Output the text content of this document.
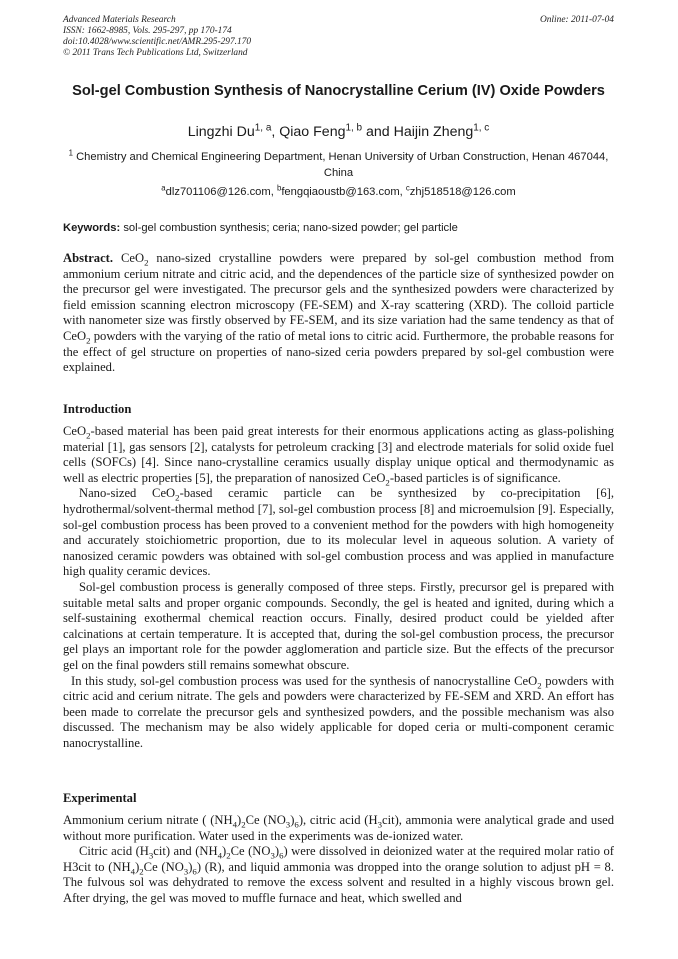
Advanced Materials Research
ISSN: 1662-8985, Vols. 295-297, pp 170-174
doi:10.4028/www.scientific.net/AMR.295-297.170
© 2011 Trans Tech Publications Ltd, Switzerland
Online: 2011-07-04
Sol-gel Combustion Synthesis of Nanocrystalline Cerium (IV) Oxide Powders
Lingzhi Du$^{1, a}$, Qiao Feng$^{1, b}$ and Haijin Zheng$^{1, c}$
$^1$ Chemistry and Chemical Engineering Department, Henan University of Urban Construction, Henan 467044, China
$^a$dlz701106@126.com, $^b$fengqiaoustb@163.com, $^c$zhj518518@126.com
Keywords: sol-gel combustion synthesis; ceria; nano-sized powder; gel particle

Abstract. CeO$_2$ nano-sized crystalline powders were prepared by sol-gel combustion method from ammonium cerium nitrate and citric acid, and the dependences of the particle size of synthesized powder on the precursor gel were investigated. The precursor gels and the synthesized powders were characterized by field emission scanning electron microscopy (FE-SEM) and X-ray scattering (XRD). The colloid particle with nanometer size was firstly observed by FE-SEM, and its size variation had the same tendency as that of CeO$_2$ powders with the varying of the ratio of metal ions to citric acid. Furthermore, the probable reasons for the effect of gel structure on properties of nano-sized ceria powders prepared by sol-gel combustion were explained.

Introduction

CeO$_2$-based material has been paid great interests for their enormous applications acting as glass-polishing material [1], gas sensors [2], catalysts for petroleum cracking [3] and electrode materials for solid oxide fuel cells (SOFCs) [4]. Since nano-crystalline ceramics usually display unique optical and thermodynamic as well as electric properties [5], the preparation of nanosized CeO$_2$-based particles is of significance.

Nano-sized CeO$_2$-based ceramic particle can be synthesized by co-precipitation [6], hydrothermal/solvent-thermal method [7], sol-gel combustion process [8] and microemulsion [9]. Especially, sol-gel combustion process has been proved to a convenient method for the powders with high homogeneity and accurately stoichiometric proportion, due to its molecular level in aqueous solution. A variety of nanosized ceramic powders was obtained with sol-gel combustion process and was applied in manufacture high quality ceramic devices.

Sol-gel combustion process is generally composed of three steps. Firstly, precursor gel is prepared with suitable metal salts and proper organic compounds. Secondly, the gel is heated and ignited, during which a self-sustaining exothermal chemical reaction occurs. Finally, desired product could be yielded after calcinations at certain temperature. It is accepted that, during the sol-gel combustion process, the precursor gel plays an important role for the powder agglomeration and particle size. But the effects of the precursor gel on the final powders still remains somewhat obscure.

In this study, sol-gel combustion process was used for the synthesis of nanocrystalline CeO$_2$ powders with citric acid and cerium nitrate. The gels and powders were characterized by FE-SEM and XRD. An effort has been made to correlate the precursor gels and synthesized powders, and the possible mechanism was also discussed. The mechanism may be also widely applicable for doped ceria or multi-component ceramic nanocrystalline.

Experimental

Ammonium cerium nitrate ( $(NH_4)_2Ce$ $(NO_3)_6$), citric acid $(H_3cit)$, ammonia were analytical grade and used without more purification. Water used in the experiments was de-ionized water.

Citric acid $(H_3cit)$ and $(NH_4)_2Ce$ $(NO_3)_6$) were dissolved in deionized water at the required molar ratio of H3cit to $(NH_4)_2Ce$ $(NO_3)_6$) (R), and liquid ammonia was dropped into the orange solution to adjust pH = 8. The fulvous sol was dehydrated to remove the excess solvent and resulted in a highly viscous brown gel. After drying, the gel was moved to muffle furnace and heat, which swelled and
